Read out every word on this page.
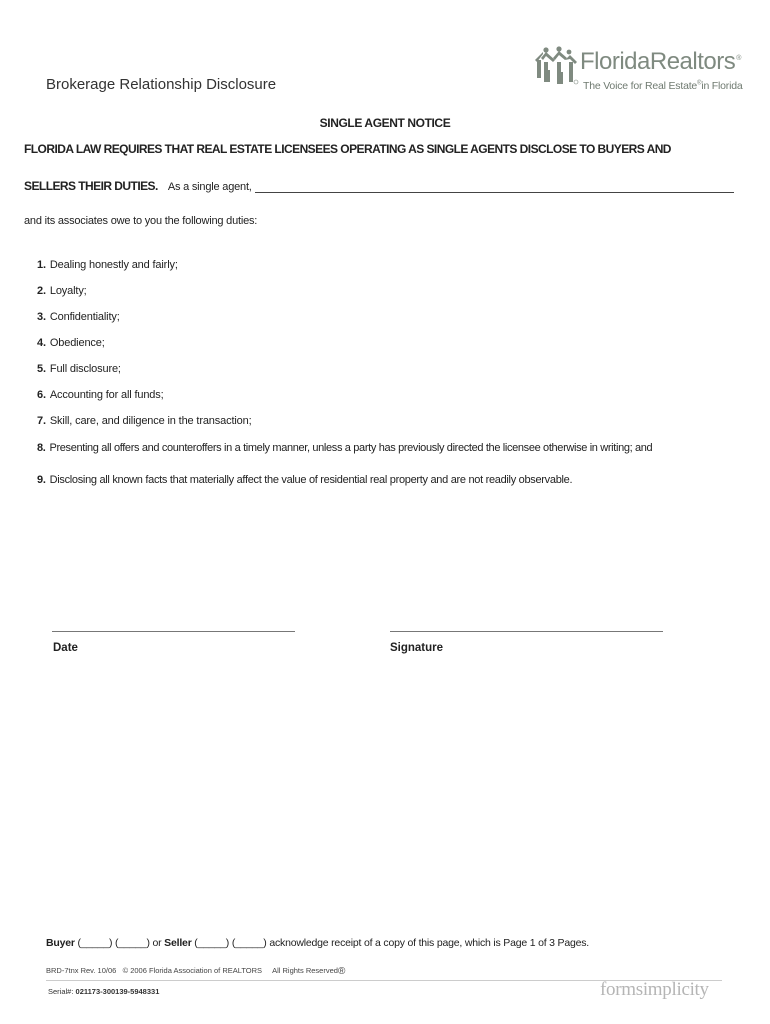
FloridaRealtors®
The Voice for Real Estate®in Florida
Brokerage Relationship Disclosure
SINGLE AGENT NOTICE
FLORIDA LAW REQUIRES THAT REAL ESTATE LICENSEES OPERATING AS SINGLE AGENTS DISCLOSE TO BUYERS AND
SELLERS THEIR DUTIES. As a single agent,
and its associates owe to you the following duties:
1. Dealing honestly and fairly;
2. Loyalty;
3. Confidentiality;
4. Obedience;
5. Full disclosure;
6. Accounting for all funds;
7. Skill, care, and diligence in the transaction;
8. Presenting all offers and counteroffers in a timely manner, unless a party has previously directed the licensee otherwise in writing; and
9. Disclosing all known facts that materially affect the value of residential real property and are not readily observable.
Date	Signature
Buyer (_____) (_____) or Seller (_____) (_____) acknowledge receipt of a copy of this page, which is Page 1 of 3 Pages.
BRD-7tnx Rev. 10/06 © 2006 Florida Association of REALTORS All Rights Reserved®
Serial#: 021173-300139-5948331	formsimplicity
